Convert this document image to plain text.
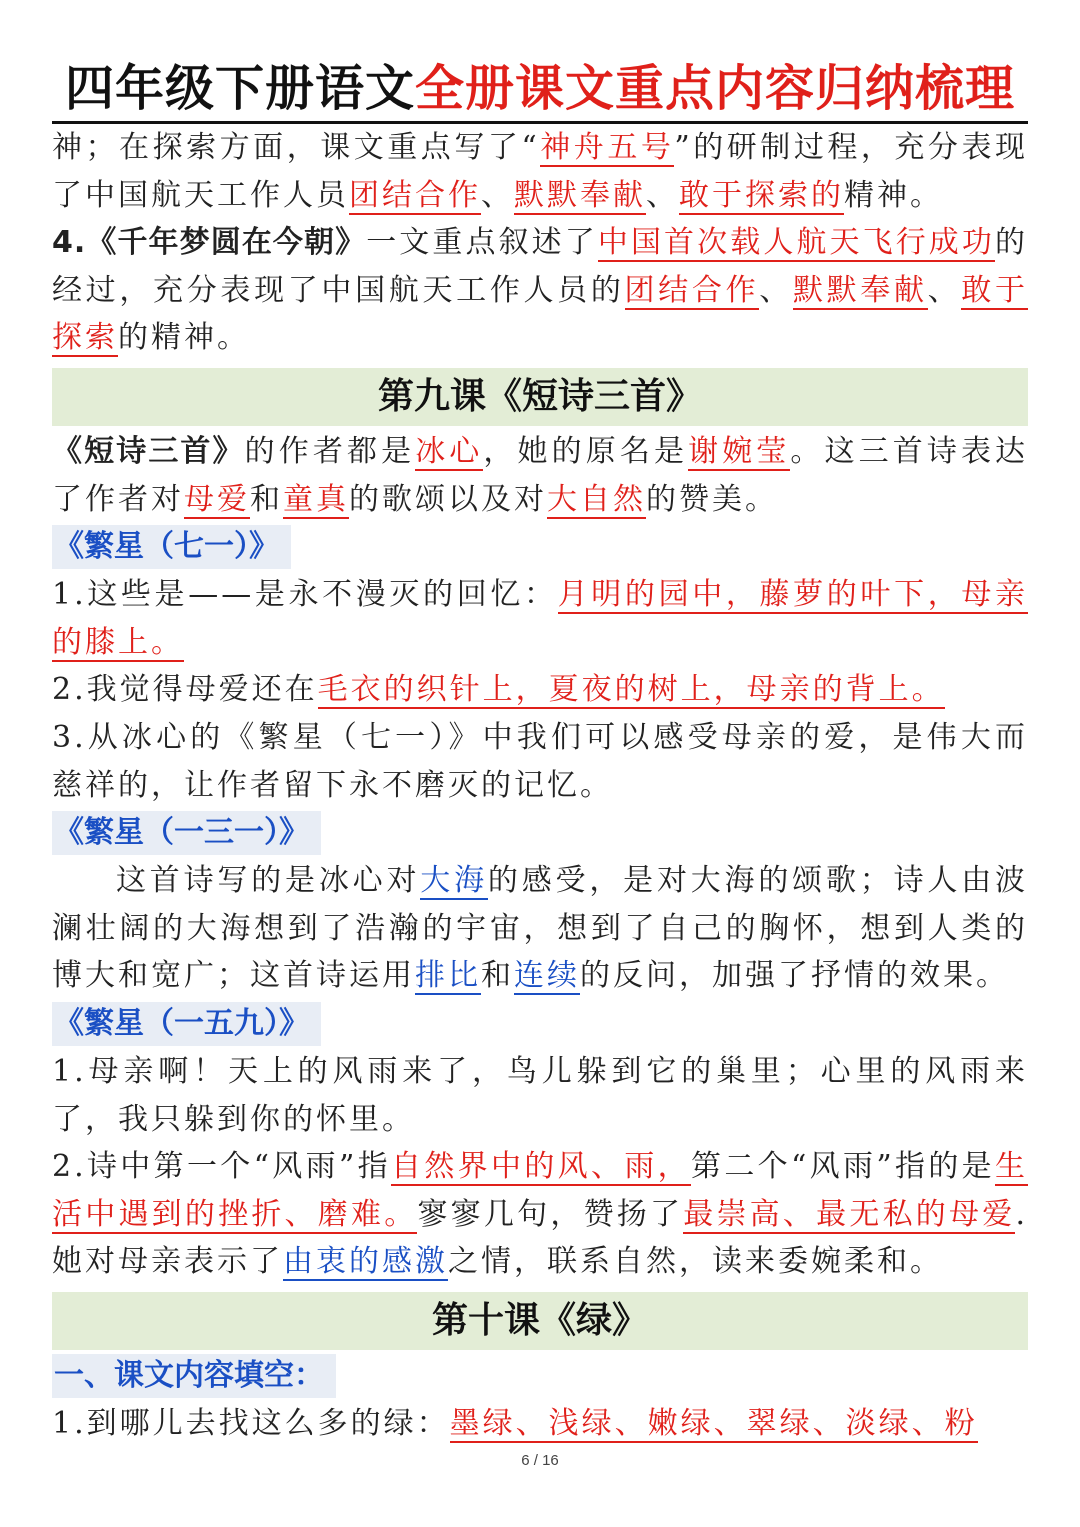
四年级下册语文全册课文重点内容归纳梳理

神；在探索方面，课文重点写了“神舟五号”的研制过程，充分表现了中国航天工作人员团结合作、默默奉献、敢于探索的精神。

4.《千年梦圆在今朝》一文重点叙述了中国首次载人航天飞行成功的经过，充分表现了中国航天工作人员的团结合作、默默奉献、敢于探索的精神。

第九课《短诗三首》

《短诗三首》的作者都是冰心，她的原名是谢婉莹。这三首诗表达了作者对母爱和童真的歌颂以及对大自然的赞美。

《繁星（七一）》

1.这些是——是永不漫灭的回忆：月明的园中，藤萝的叶下，母亲的膝上。

2.我觉得母爱还在毛衣的织针上，夏夜的树上，母亲的背上。

3.从冰心的《繁星（七一）》中我们可以感受母亲的爱，是伟大而慈祥的，让作者留下永不磨灭的记忆。

《繁星（一三一）》

这首诗写的是冰心对大海的感受，是对大海的颂歌；诗人由波澜壮阔的大海想到了浩瀚的宇宙，想到了自己的胸怀，想到人类的博大和宽广；这首诗运用排比和连续的反问，加强了抒情的效果。

《繁星（一五九）》

1.母亲啊！天上的风雨来了，鸟儿躲到它的巢里；心里的风雨来了，我只躲到你的怀里。

2.诗中第一个“风雨”指自然界中的风、雨，第二个“风雨”指的是生活中遇到的挫折、磨难。寥寥几句，赞扬了最崇高、最无私的母爱.她对母亲表示了由衷的感激之情，联系自然，读来委婉柔和。

第十课《绿》
一、课文内容填空：

1.到哪儿去找这么多的绿：墨绿、浅绿、嫩绿、翠绿、淡绿、粉

6 / 16
